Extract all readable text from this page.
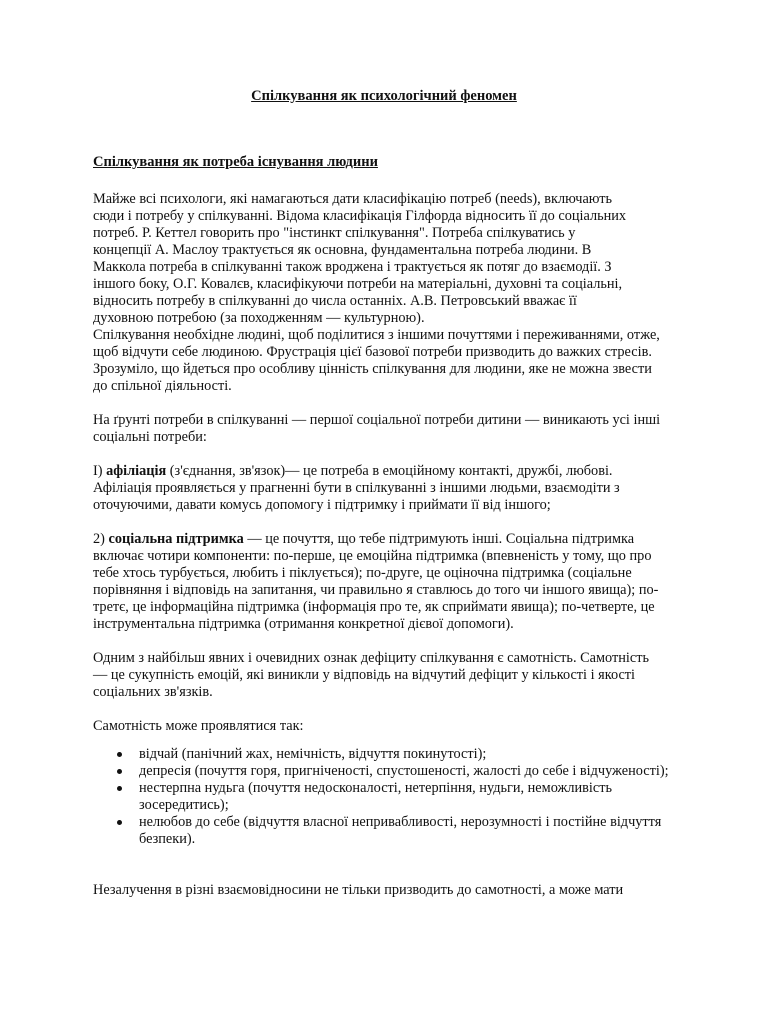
Спілкування як психологічний феномен
Спілкування як потреба існування людини
Майже всі психологи, які намагаються дати класифікацію потреб (needs), включають
сюди і потребу у спілкуванні. Відома класифікація Гілфорда відносить її до соціальних
потреб. Р. Кеттел говорить про "інстинкт спілкування". Потреба спілкуватись у
концепції А. Маслоу трактується як основна, фундаментальна потреба людини. В
Маккола потреба в спілкуванні також вроджена і трактується як потяг до взаємодії. З
іншого боку, О.Г. Ковалєв, класифікуючи потреби на матеріальні, духовні та соціальні,
відносить потребу в спілкуванні до числа останніх. А.В. Петровський вважає її
духовною потребою (за походженням — культурною).
Спілкування необхідне людині, щоб поділитися з іншими почуттями і переживаннями, отже,
щоб відчути себе людиною. Фрустрація цієї базової потреби призводить до важких стресів.
Зрозуміло, що йдеться про особливу цінність спілкування для людини, яке не можна звести
до спільної діяльності.
На ґрунті потреби в спілкуванні — першої соціальної потреби дитини — виникають усі інші
соціальні потреби:
І) афіліація (з'єднання, зв'язок)— це потреба в емоційному контакті, дружбі, любові.
Афіліація проявляється у прагненні бути в спілкуванні з іншими людьми, взаємодіти з
оточуючими, давати комусь допомогу і підтримку і приймати її від іншого;
2) соціальна підтримка — це почуття, що тебе підтримують інші. Соціальна підтримка
включає чотири компоненти: по-перше, це емоційна підтримка (впевненість у тому, що про
тебе хтось турбується, любить і піклується); по-друге, це оціночна підтримка (соціальне
порівняння і відповідь на запитання, чи правильно я ставлюсь до того чи іншого явища); по-
третє, це інформаційна підтримка (інформація про те, як сприймати явища); по-четверте, це
інструментальна підтримка (отримання конкретної дієвої допомоги).
Одним з найбільш явних і очевидних ознак дефіциту спілкування є самотність. Самотність
— це сукупність емоцій, які виникли у відповідь на відчутий дефіцит у кількості і якості
соціальних зв'язків.
Самотність може проявлятися так:
відчай (панічний жах, немічність, відчуття покинутості);
депресія (почуття горя, пригніченості, спустошеності, жалості до себе і відчуженості);
нестерпна нудьга (почуття недосконалості, нетерпіння, нудьги, неможливість
зосередитись);
нелюбов до себе (відчуття власної непривабливості, нерозумності і постійне відчуття
безпеки).
Незалучення в різні взаємовідносини не тільки призводить до самотності, а може мати
